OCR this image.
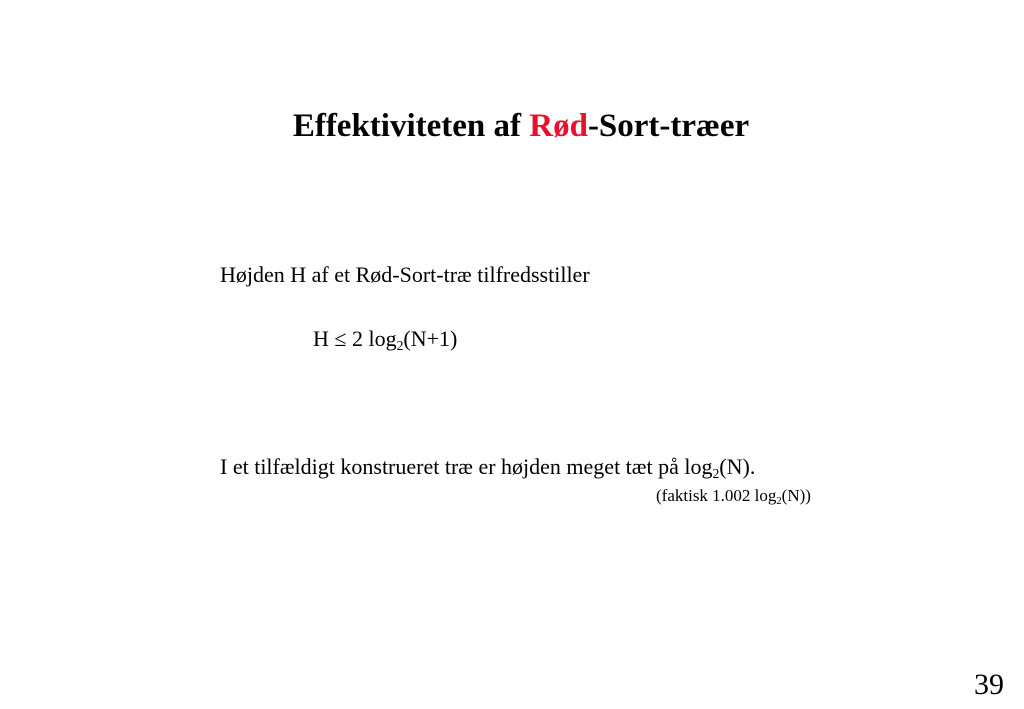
Effektiviteten af Rød-Sort-træer
Højden H af et Rød-Sort-træ tilfredsstiller
H ≤ 2 $\log_2(N+1)$
I et tilfældigt konstrueret træ er højden meget tæt på $\log_2(N)$.
(faktisk 1.002 $\log_2(N)$)
39
